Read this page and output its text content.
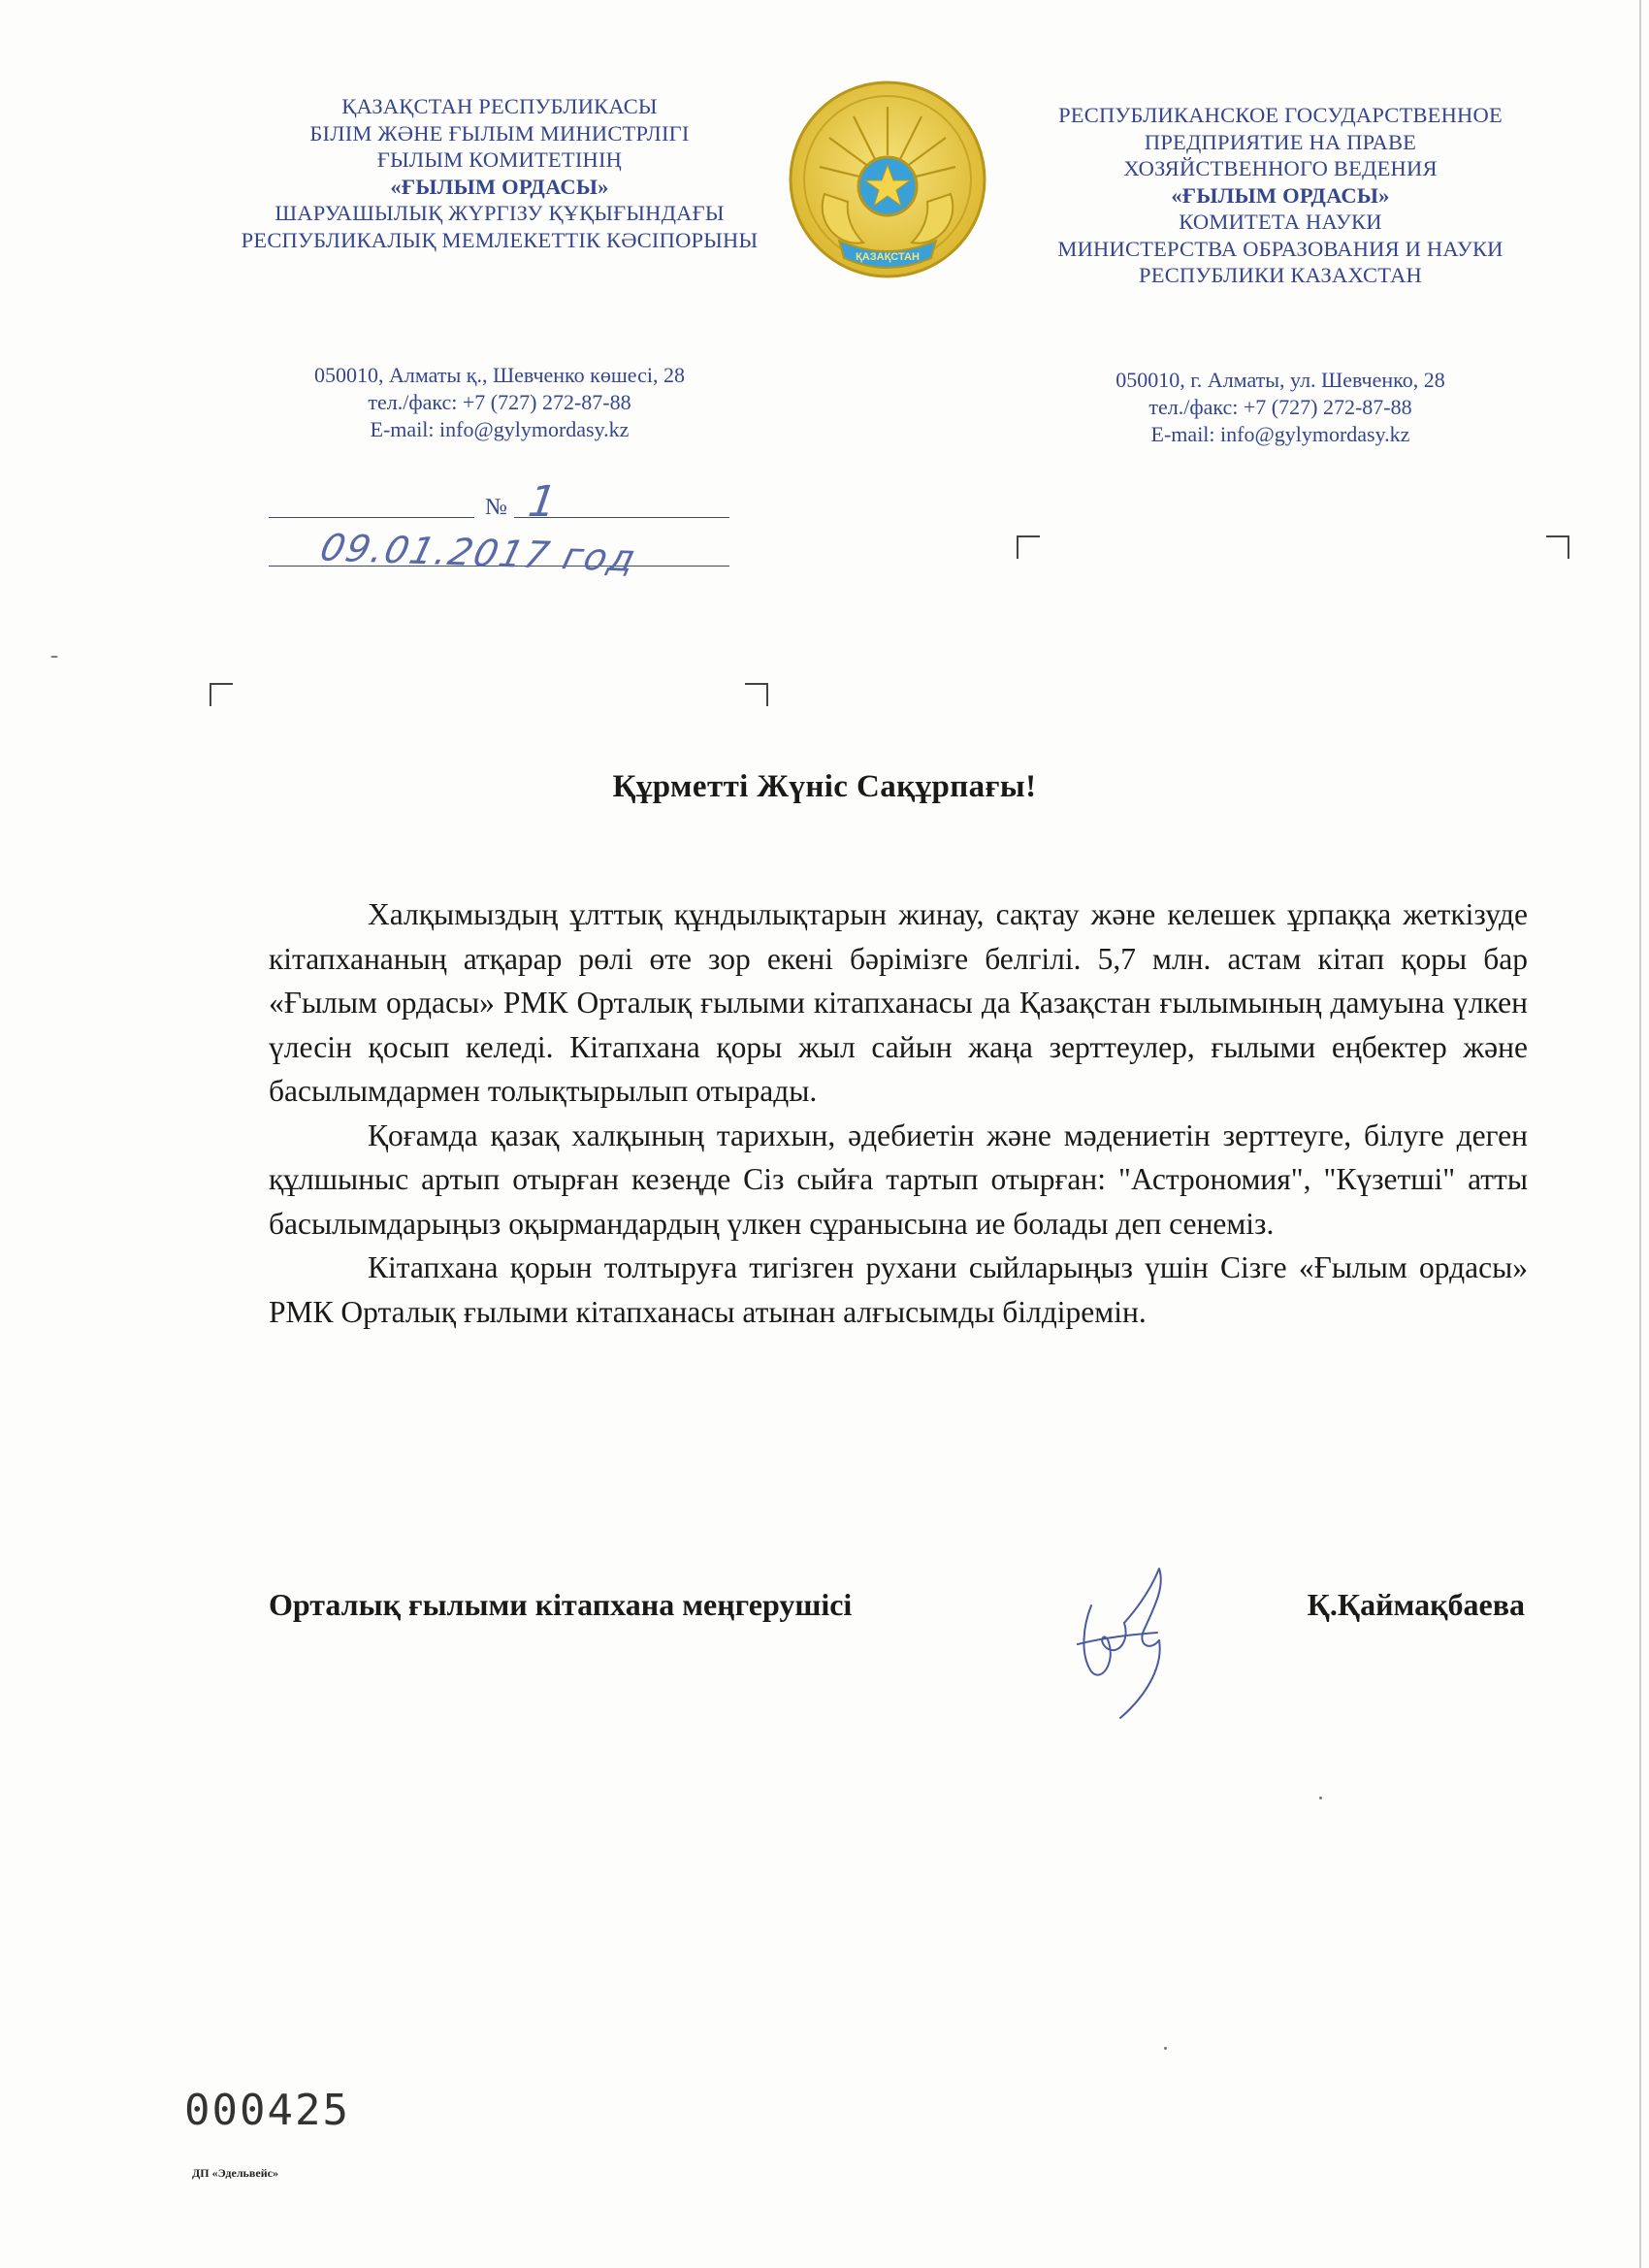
ҚАЗАҚСТАН РЕСПУБЛИКАСЫ
БІЛІМ ЖӘНЕ ҒЫЛЫМ МИНИСТРЛІГІ
ҒЫЛЫМ КОМИТЕТІНІҢ
«ҒЫЛЫМ ОРДАСЫ»
ШАРУАШЫЛЫҚ ЖҮРГІЗУ ҚҰҚЫҒЫНДАҒЫ
РЕСПУБЛИКАЛЫҚ МЕМЛЕКЕТТІК КӘСІПОРЫНЫ
ҚАЗАҚСТАН
РЕСПУБЛИКАНСКОЕ ГОСУДАРСТВЕННОЕ
ПРЕДПРИЯТИЕ НА ПРАВЕ
ХОЗЯЙСТВЕННОГО ВЕДЕНИЯ
«ҒЫЛЫМ ОРДАСЫ»
КОМИТЕТА НАУКИ
МИНИСТЕРСТВА ОБРАЗОВАНИЯ И НАУКИ
РЕСПУБЛИКИ КАЗАХСТАН
050010, Алматы қ., Шевченко көшесі, 28
тел./факс: +7 (727) 272-87-88
E-mail: info@gylymordasy.kz
050010, г. Алматы, ул. Шевченко, 28
тел./факс: +7 (727) 272-87-88
E-mail: info@gylymordasy.kz
№ 1
09.01.2017 год
Құрметті Жүніс Сақұрпағы!

Халқымыздың ұлттық құндылықтарын жинау, сақтау және келешек ұрпаққа жеткізуде кітапхананың атқарар рөлі өте зор екені бәрімізге белгілі. 5,7 млн. астам кітап қоры бар «Ғылым ордасы» РМК Орталық ғылыми кітапханасы да Қазақстан ғылымының дамуына үлкен үлесін қосып келеді. Кітапхана қоры жыл сайын жаңа зерттеулер, ғылыми еңбектер және басылымдармен толықтырылып отырады.

Қоғамда қазақ халқының тарихын, әдебиетін және мәдениетін зерттеуге, білуге деген құлшыныс артып отырған кезеңде Сіз сыйға тартып отырған: "Астрономия", "Күзетші" атты басылымдарыңыз оқырмандардың үлкен сұранысына ие болады деп сенеміз.

Кітапхана қорын толтыруға тигізген рухани сыйларыңыз үшін Сізге «Ғылым ордасы» РМК Орталық ғылыми кітапханасы атынан алғысымды білдіремін.

Орталық ғылыми кітапхана меңгерушісі	Қ.Қаймақбаева
000425
ДП «Эдельвейс»
